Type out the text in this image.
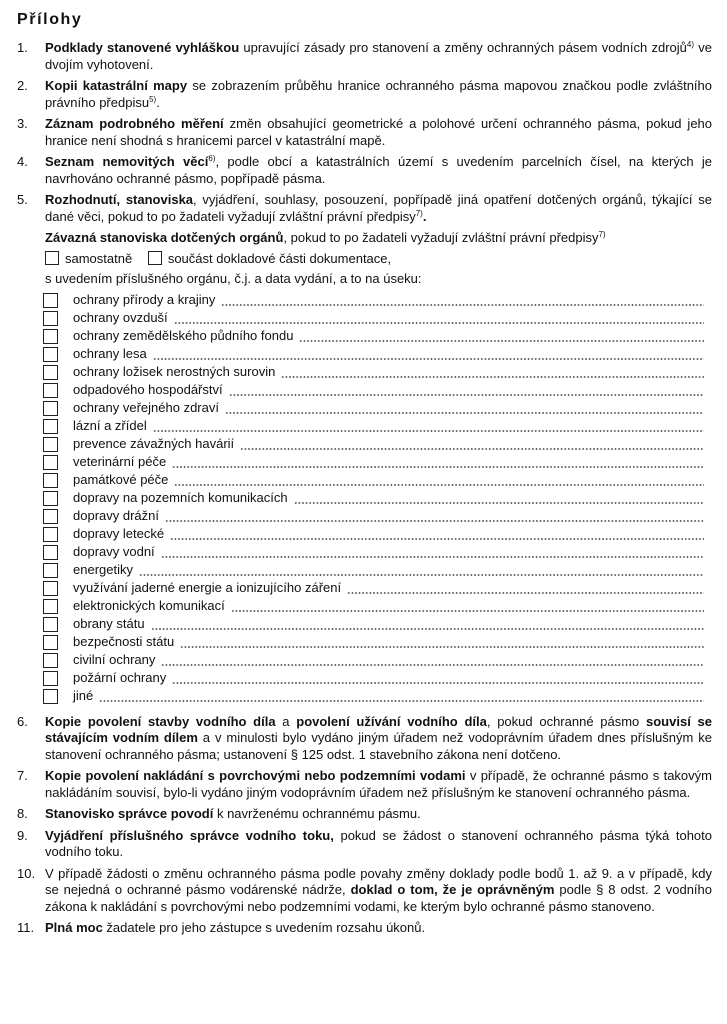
Přílohy
1. Podklady stanovené vyhláškou upravující zásady pro stanovení a změny ochranných pásem vodních zdrojů$^{4)}$ ve dvojím vyhotovení.
2. Kopii katastrální mapy se zobrazením průběhu hranice ochranného pásma mapovou značkou podle zvláštního právního předpisu$^{5)}$.
3. Záznam podrobného měření změn obsahující geometrické a polohové určení ochranného pásma, pokud jeho hranice není shodná s hranicemi parcel v katastrální mapě.
4. Seznam nemovitých věcí$^{6)}$, podle obcí a katastrálních území s uvedením parcelních čísel, na kterých je navrhováno ochranné pásmo, popřípadě pásma.
5. Rozhodnutí, stanoviska, vyjádření, souhlasy, posouzení, popřípadě jiná opatření dotčených orgánů, týkající se dané věci, pokud to po žadateli vyžadují zvláštní právní předpisy$^{7)}$.
Závazná stanoviska dotčených orgánů, pokud to po žadateli vyžadují zvláštní právní předpisy$^{7)}$
samostatně	součást dokladové části dokumentace,
s uvedením příslušného orgánu, č.j. a data vydání, a to na úseku:
ochrany přírody a krajiny
ochrany ovzduší
ochrany zemědělského půdního fondu
ochrany lesa
ochrany ložisek nerostných surovin
odpadového hospodářství
ochrany veřejného zdraví
lázní a zřídel
prevence závažných havárií
veterinární péče
památkové péče
dopravy na pozemních komunikacích
dopravy drážní
dopravy letecké
dopravy vodní
energetiky
využívání jaderné energie a ionizujícího záření
elektronických komunikací
obrany státu
bezpečnosti státu
civilní ochrany
požární ochrany
jiné
6. Kopie povolení stavby vodního díla a povolení užívání vodního díla, pokud ochranné pásmo souvisí se stávajícím vodním dílem a v minulosti bylo vydáno jiným úřadem než vodoprávním úřadem dnes příslušným ke stanovení ochranného pásma; ustanovení § 125 odst. 1 stavebního zákona není dotčeno.
7. Kopie povolení nakládání s povrchovými nebo podzemními vodami v případě, že ochranné pásmo s takovým nakládáním souvisí, bylo-li vydáno jiným vodoprávním úřadem než příslušným ke stanovení ochranného pásma.
8. Stanovisko správce povodí k navrženému ochrannému pásmu.
9. Vyjádření příslušného správce vodního toku, pokud se žádost o stanovení ochranného pásma týká tohoto vodního toku.
10. V případě žádosti o změnu ochranného pásma podle povahy změny doklady podle bodů 1. až 9. a v případě, kdy se nejedná o ochranné pásmo vodárenské nádrže, doklad o tom, že je oprávněným podle § 8 odst. 2 vodního zákona k nakládání s povrchovými nebo podzemními vodami, ke kterým bylo ochranné pásmo stanoveno.
11. Plná moc žadatele pro jeho zástupce s uvedením rozsahu úkonů.
